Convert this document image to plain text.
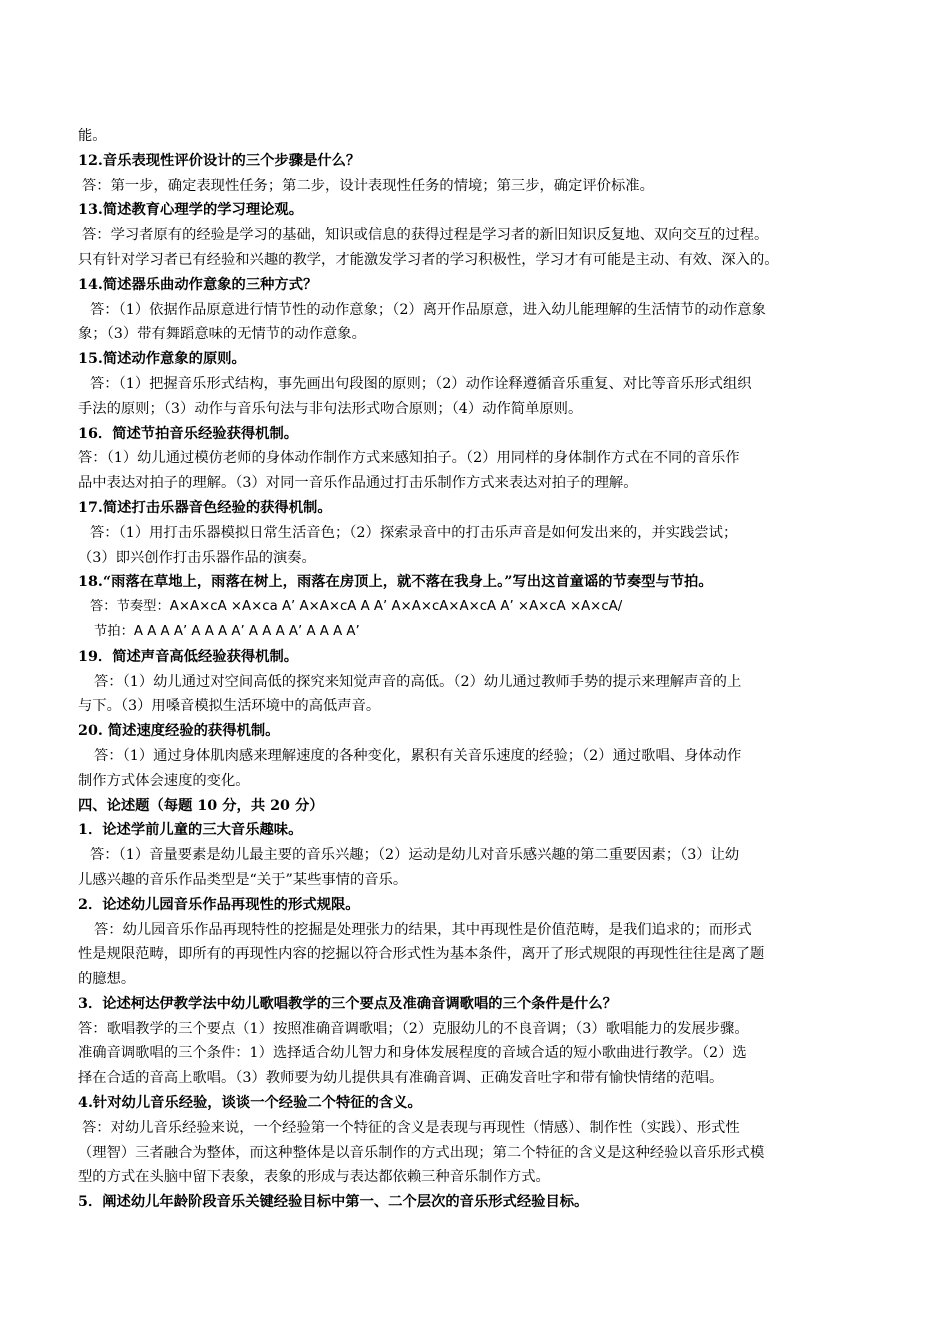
能。
12.音乐表现性评价设计的三个步骤是什么？
答：第一步，确定表现性任务；第二步，设计表现性任务的情境；第三步，确定评价标准。
13.简述教育心理学的学习理论观。
答：学习者原有的经验是学习的基础，知识或信息的获得过程是学习者的新旧知识反复地、双向交互的过程。
只有针对学习者已有经验和兴趣的教学，才能激发学习者的学习积极性，学习才有可能是主动、有效、深入的。
14.简述器乐曲动作意象的三种方式？
答：（1）依据作品原意进行情节性的动作意象；（2）离开作品原意，进入幼儿能理解的生活情节的动作意象
象；（3）带有舞蹈意味的无情节的动作意象。
15.简述动作意象的原则。
答：（1）把握音乐形式结构，事先画出句段图的原则；（2）动作诠释遵循音乐重复、对比等音乐形式组织
手法的原则；（3）动作与音乐句法与非句法形式吻合原则；（4）动作简单原则。
16．简述节拍音乐经验获得机制。
答：（1）幼儿通过模仿老师的身体动作制作方式来感知拍子。（2）用同样的身体制作方式在不同的音乐作
品中表达对拍子的理解。（3）对同一音乐作品通过打击乐制作方式来表达对拍子的理解。
17.简述打击乐器音色经验的获得机制。
答：（1）用打击乐器模拟日常生活音色；（2）探索录音中的打击乐声音是如何发出来的，并实践尝试；
（3）即兴创作打击乐器作品的演奏。
18.“雨落在草地上，雨落在树上，雨落在房顶上，就不落在我身上。”写出这首童谣的节奏型与节拍。
答：节奏型：A×A×cA ×A×ca A’ A×A×cA A A’ A×A×cA×A×cA A’ ×A×cA ×A×cA/
节拍：A A A A’ A A A A’ A A A A’ A A A A’
19．简述声音高低经验获得机制。
答：（1）幼儿通过对空间高低的探究来知觉声音的高低。（2）幼儿通过教师手势的提示来理解声音的上
与下。（3）用嗓音模拟生活环境中的高低声音。
20. 简述速度经验的获得机制。
答：（1）通过身体肌肉感来理解速度的各种变化，累积有关音乐速度的经验；（2）通过歌唱、身体动作
制作方式体会速度的变化。
四、论述题（每题 10 分，共 20 分）
1．论述学前儿童的三大音乐趣味。
答：（1）音量要素是幼儿最主要的音乐兴趣；（2）运动是幼儿对音乐感兴趣的第二重要因素；（3）让幼
儿感兴趣的音乐作品类型是“关于”某些事情的音乐。
2．论述幼儿园音乐作品再现性的形式规限。
答：幼儿园音乐作品再现特性的挖掘是处理张力的结果，其中再现性是价值范畴，是我们追求的；而形式
性是规限范畴，即所有的再现性内容的挖掘以符合形式性为基本条件，离开了形式规限的再现性往往是离了题
的臆想。
3．论述柯达伊教学法中幼儿歌唱教学的三个要点及准确音调歌唱的三个条件是什么？
答：歌唱教学的三个要点（1）按照准确音调歌唱；（2）克服幼儿的不良音调；（3）歌唱能力的发展步骤。
准确音调歌唱的三个条件：1）选择适合幼儿智力和身体发展程度的音域合适的短小歌曲进行教学。（2）选
择在合适的音高上歌唱。（3）教师要为幼儿提供具有准确音调、正确发音吐字和带有愉快情绪的范唱。
4.针对幼儿音乐经验，谈谈一个经验二个特征的含义。
答：对幼儿音乐经验来说，一个经验第一个特征的含义是表现与再现性（情感）、制作性（实践）、形式性
（理智）三者融合为整体，而这种整体是以音乐制作的方式出现；第二个特征的含义是这种经验以音乐形式模
型的方式在头脑中留下表象，表象的形成与表达都依赖三种音乐制作方式。
5．阐述幼儿年龄阶段音乐关键经验目标中第一、二个层次的音乐形式经验目标。
